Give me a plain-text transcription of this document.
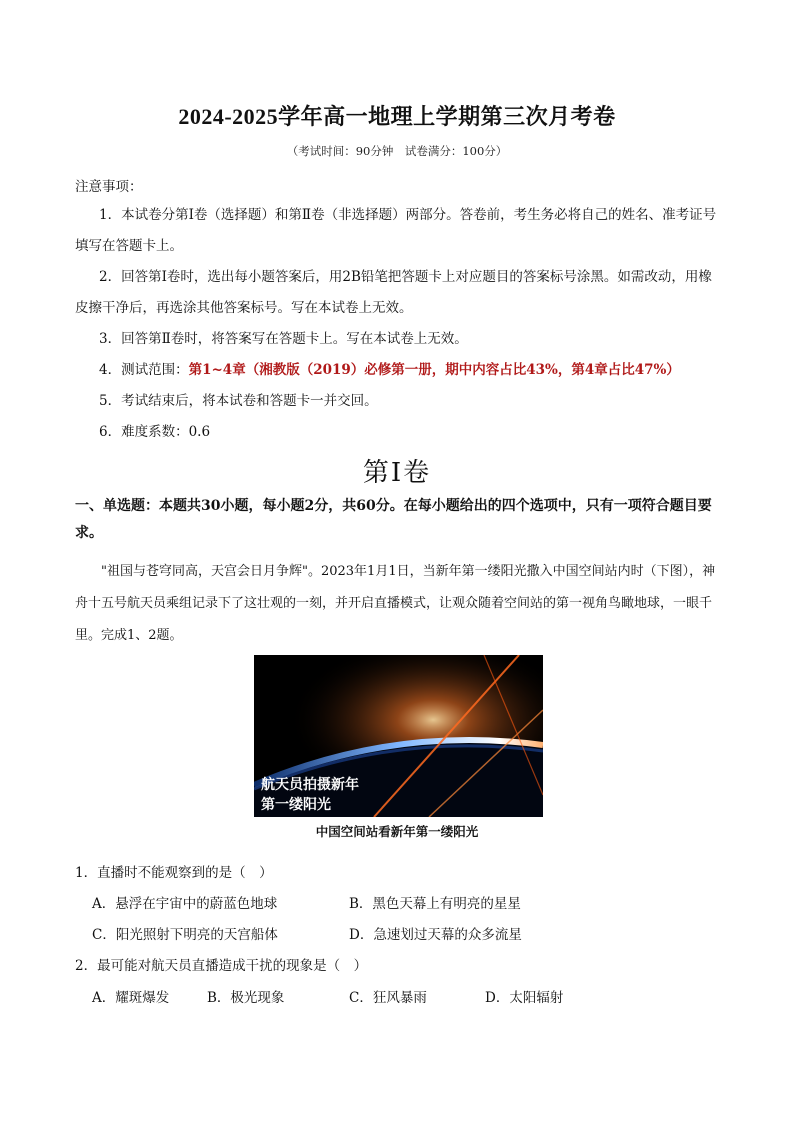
2024-2025学年高一地理上学期第三次月考卷
（考试时间：90分钟　试卷满分：100分）
注意事项：
1．本试卷分第Ⅰ卷（选择题）和第Ⅱ卷（非选择题）两部分。答卷前，考生务必将自己的姓名、准考证号填写在答题卡上。
2．回答第Ⅰ卷时，选出每小题答案后，用2B铅笔把答题卡上对应题目的答案标号涂黑。如需改动，用橡皮擦干净后，再选涂其他答案标号。写在本试卷上无效。
3．回答第Ⅱ卷时，将答案写在答题卡上。写在本试卷上无效。
4．测试范围：第1~4章（湘教版（2019）必修第一册，期中内容占比43%，第4章占比47%）
5．考试结束后，将本试卷和答题卡一并交回。
6．难度系数：0.6
第Ⅰ卷
一、单选题：本题共30小题，每小题2分，共60分。在每小题给出的四个选项中，只有一项符合题目要求。
"祖国与苍穹同高，天宫会日月争辉"。2023年1月1日，当新年第一缕阳光撒入中国空间站内时（下图），神舟十五号航天员乘组记录下了这壮观的一刻，并开启直播模式，让观众随着空间站的第一视角鸟瞰地球，一眼千里。完成1、2题。
航天员拍摄新年
第一缕阳光
中国空间站看新年第一缕阳光
1．直播时不能观察到的是（　）
A．悬浮在宇宙中的蔚蓝色地球	B．黑色天幕上有明亮的星星
C．阳光照射下明亮的天宫船体	D．急速划过天幕的众多流星
2．最可能对航天员直播造成干扰的现象是（　）
A．耀斑爆发	B．极光现象	C．狂风暴雨	D．太阳辐射
